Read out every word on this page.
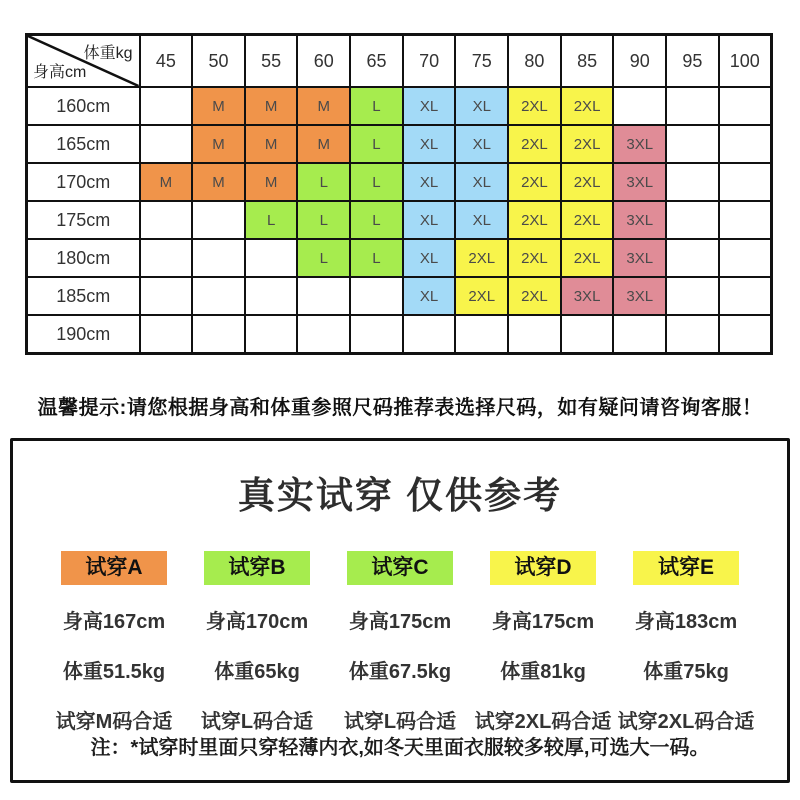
体重kg
身高cm	45	50	55	60	65	70	75	80	85	90	95	100
160cm		M	M	M	L	XL	XL	2XL	2XL			
165cm		M	M	M	L	XL	XL	2XL	2XL	3XL		
170cm	M	M	M	L	L	XL	XL	2XL	2XL	3XL		
175cm			L	L	L	XL	XL	2XL	2XL	3XL		
180cm				L	L	XL	2XL	2XL	2XL	3XL		
185cm						XL	2XL	2XL	3XL	3XL		
190cm												
温馨提示:请您根据身高和体重参照尺码推荐表选择尺码，如有疑问请咨询客服！
真实试穿 仅供参考
试穿A
身高167cm
体重51.5kg
试穿M码合适
试穿B
身高170cm
体重65kg
试穿L码合适
试穿C
身高175cm
体重67.5kg
试穿L码合适
试穿D
身高175cm
体重81kg
试穿2XL码合适
试穿E
身高183cm
体重75kg
试穿2XL码合适
注：*试穿时里面只穿轻薄内衣,如冬天里面衣服较多较厚,可选大一码。
